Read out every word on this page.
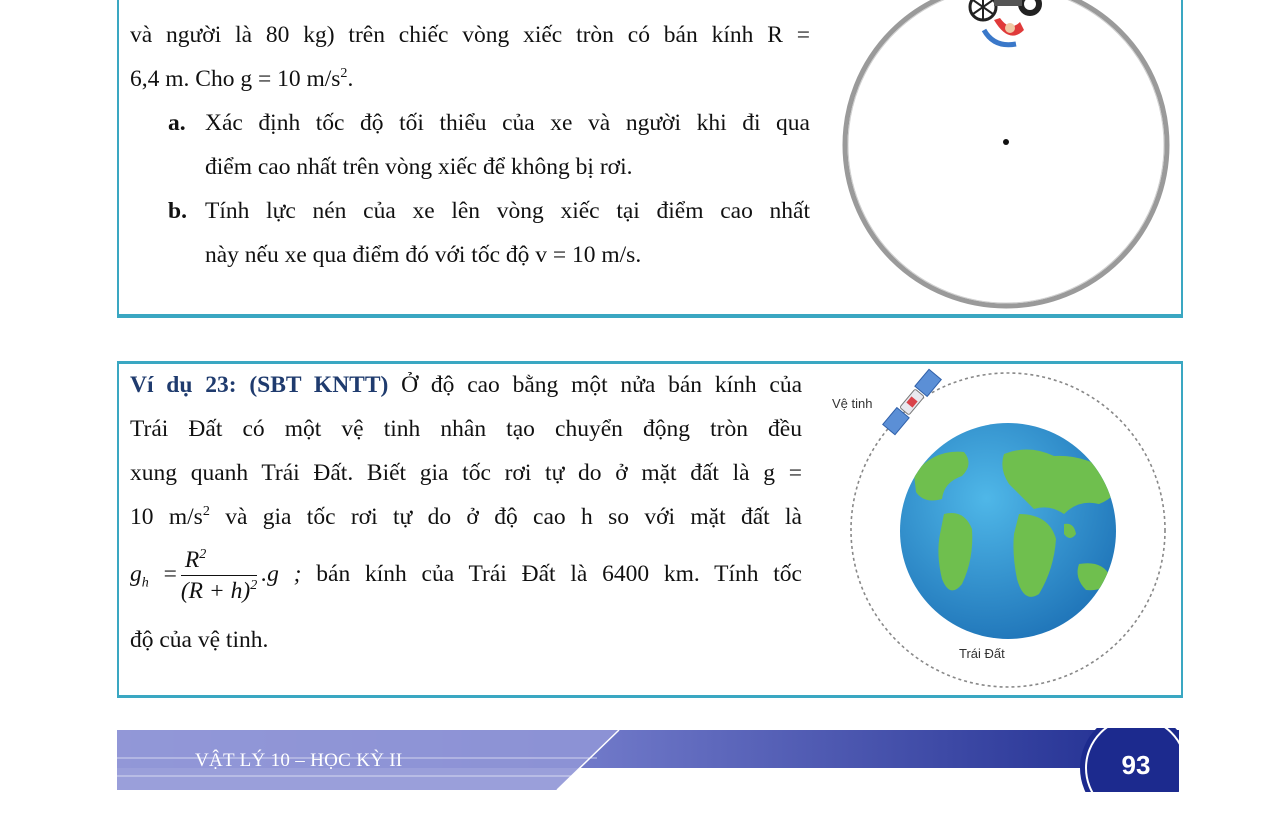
và người là 80 kg) trên chiếc vòng xiếc tròn có bán kính R =
6,4 m. Cho g = 10 $m/s^2$.
a. Xác định tốc độ tối thiểu của xe và người khi đi qua
điểm cao nhất trên vòng xiếc để không bị rơi.
b. Tính lực nén của xe lên vòng xiếc tại điểm cao nhất
này nếu xe qua điểm đó với tốc độ v = 10 m/s.
Ví dụ 23: (SBT KNTT) Ở độ cao bằng một nửa bán kính của
Trái Đất có một vệ tinh nhân tạo chuyển động tròn đều
xung quanh Trái Đất. Biết gia tốc rơi tự do ở mặt đất là g =
10 $m/s^2$ và gia tốc rơi tự do ở độ cao h so với mặt đất là
$g_h = \frac{R^2}{(R + h)^2} .g$ ; bán kính của Trái Đất là 6400 km. Tính tốc
độ của vệ tinh.
Trái Đất
Vệ tinh
VẬT LÝ 10 – HỌC KỲ II	93
